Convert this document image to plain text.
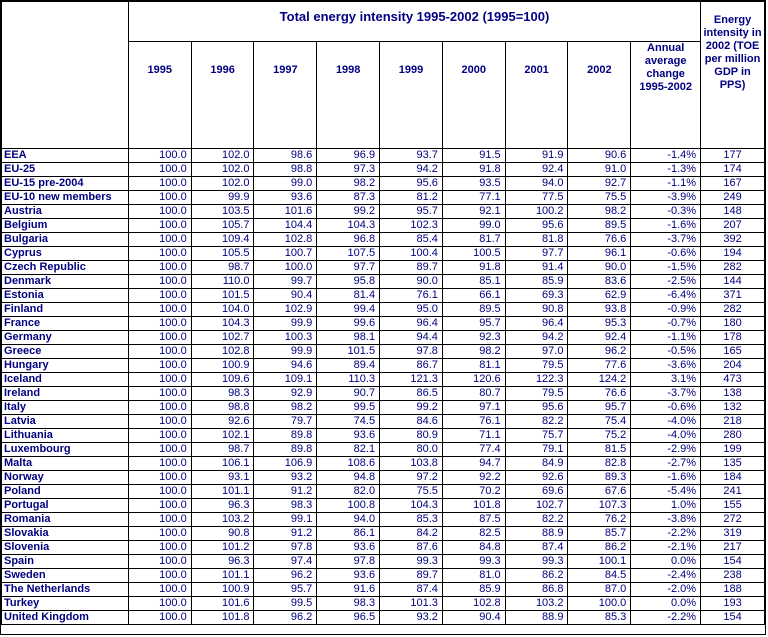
	Total energy intensity 1995-2002 (1995=100)									Energy intensity in 2002 (TOE per million GDP in PPS)
	1995	1996	1997	1998	1999	2000	2001	2002	Annual average change 1995-2002	

EEA	100.0	102.0	98.6	96.9	93.7	91.5	91.9	90.6	-1.4%	177
EU-25	100.0	102.0	98.8	97.3	94.2	91.8	92.4	91.0	-1.3%	174
EU-15 pre-2004	100.0	102.0	99.0	98.2	95.6	93.5	94.0	92.7	-1.1%	167
EU-10 new members	100.0	99.9	93.6	87.3	81.2	77.1	77.5	75.5	-3.9%	249
Austria	100.0	103.5	101.6	99.2	95.7	92.1	100.2	98.2	-0.3%	148
Belgium	100.0	105.7	104.4	104.3	102.3	99.0	95.6	89.5	-1.6%	207
Bulgaria	100.0	109.4	102.8	96.8	85.4	81.7	81.8	76.6	-3.7%	392
Cyprus	100.0	105.5	100.7	107.5	100.4	100.5	97.7	96.1	-0.6%	194
Czech Republic	100.0	98.7	100.0	97.7	89.7	91.8	91.4	90.0	-1.5%	282
Denmark	100.0	110.0	99.7	95.8	90.0	85.1	85.9	83.6	-2.5%	144
Estonia	100.0	101.5	90.4	81.4	76.1	66.1	69.3	62.9	-6.4%	371
Finland	100.0	104.0	102.9	99.4	95.0	89.5	90.8	93.8	-0.9%	282
France	100.0	104.3	99.9	99.6	96.4	95.7	96.4	95.3	-0.7%	180
Germany	100.0	102.7	100.3	98.1	94.4	92.3	94.2	92.4	-1.1%	178
Greece	100.0	102.8	99.9	101.5	97.8	98.2	97.0	96.2	-0.5%	165
Hungary	100.0	100.9	94.6	89.4	86.7	81.1	79.5	77.6	-3.6%	204
Iceland	100.0	109.6	109.1	110.3	121.3	120.6	122.3	124.2	3.1%	473
Ireland	100.0	98.3	92.9	90.7	86.5	80.7	79.5	76.6	-3.7%	138
Italy	100.0	98.8	98.2	99.5	99.2	97.1	95.6	95.7	-0.6%	132
Latvia	100.0	92.6	79.7	74.5	84.6	76.1	82.2	75.4	-4.0%	218
Lithuania	100.0	102.1	89.8	93.6	80.9	71.1	75.7	75.2	-4.0%	280
Luxembourg	100.0	98.7	89.8	82.1	80.0	77.4	79.1	81.5	-2.9%	199
Malta	100.0	106.1	106.9	108.6	103.8	94.7	84.9	82.8	-2.7%	135
Norway	100.0	93.1	93.2	94.8	97.2	92.2	92.6	89.3	-1.6%	184
Poland	100.0	101.1	91.2	82.0	75.5	70.2	69.6	67.6	-5.4%	241
Portugal	100.0	96.3	98.3	100.8	104.3	101.8	102.7	107.3	1.0%	155
Romania	100.0	103.2	99.1	94.0	85.3	87.5	82.2	76.2	-3.8%	272
Slovakia	100.0	90.8	91.2	86.1	84.2	82.5	88.9	85.7	-2.2%	319
Slovenia	100.0	101.2	97.8	93.6	87.6	84.8	87.4	86.2	-2.1%	217
Spain	100.0	96.3	97.4	97.8	99.3	99.3	99.3	100.1	0.0%	154
Sweden	100.0	101.1	96.2	93.6	89.7	81.0	86.2	84.5	-2.4%	238
The Netherlands	100.0	100.9	95.7	91.6	87.4	85.9	86.8	87.0	-2.0%	188
Turkey	100.0	101.6	99.5	98.3	101.3	102.8	103.2	100.0	0.0%	193
United Kingdom	100.0	101.8	96.2	96.5	93.2	90.4	88.9	85.3	-2.2%	154
